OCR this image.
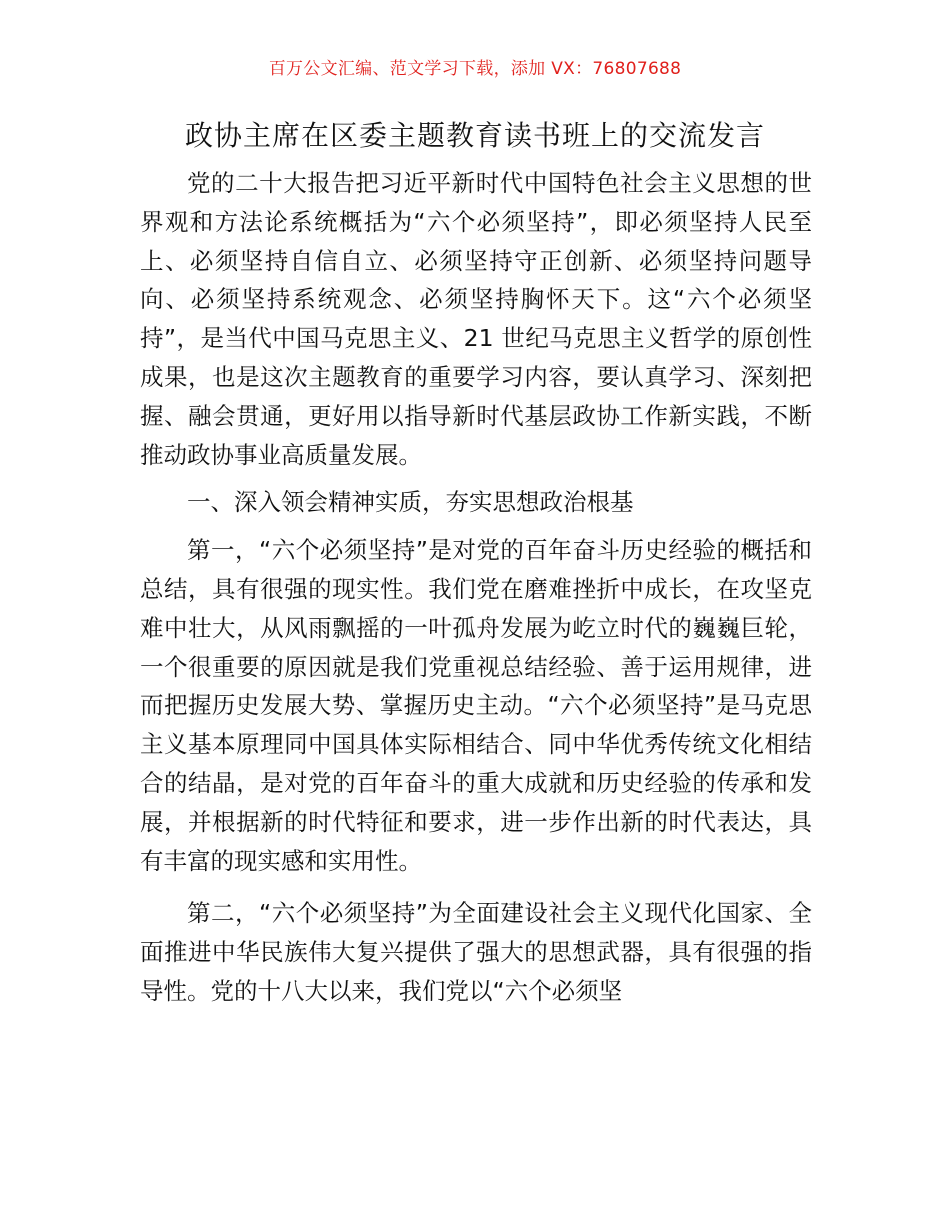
百万公文汇编、范文学习下载，添加 VX：76807688
政协主席在区委主题教育读书班上的交流发言

党的二十大报告把习近平新时代中国特色社会主义思想的世界观和方法论系统概括为“六个必须坚持”，即必须坚持人民至上、必须坚持自信自立、必须坚持守正创新、必须坚持问题导向、必须坚持系统观念、必须坚持胸怀天下。这“六个必须坚持”，是当代中国马克思主义、21 世纪马克思主义哲学的原创性成果，也是这次主题教育的重要学习内容，要认真学习、深刻把握、融会贯通，更好用以指导新时代基层政协工作新实践，不断推动政协事业高质量发展。

一、深入领会精神实质，夯实思想政治根基

第一，“六个必须坚持”是对党的百年奋斗历史经验的概括和总结，具有很强的现实性。我们党在磨难挫折中成长，在攻坚克难中壮大，从风雨飘摇的一叶孤舟发展为屹立时代的巍巍巨轮，一个很重要的原因就是我们党重视总结经验、善于运用规律，进而把握历史发展大势、掌握历史主动。“六个必须坚持”是马克思主义基本原理同中国具体实际相结合、同中华优秀传统文化相结合的结晶，是对党的百年奋斗的重大成就和历史经验的传承和发展，并根据新的时代特征和要求，进一步作出新的时代表达，具有丰富的现实感和实用性。

第二，“六个必须坚持”为全面建设社会主义现代化国家、全面推进中华民族伟大复兴提供了强大的思想武器，具有很强的指导性。党的十八大以来，我们党以“六个必须坚
